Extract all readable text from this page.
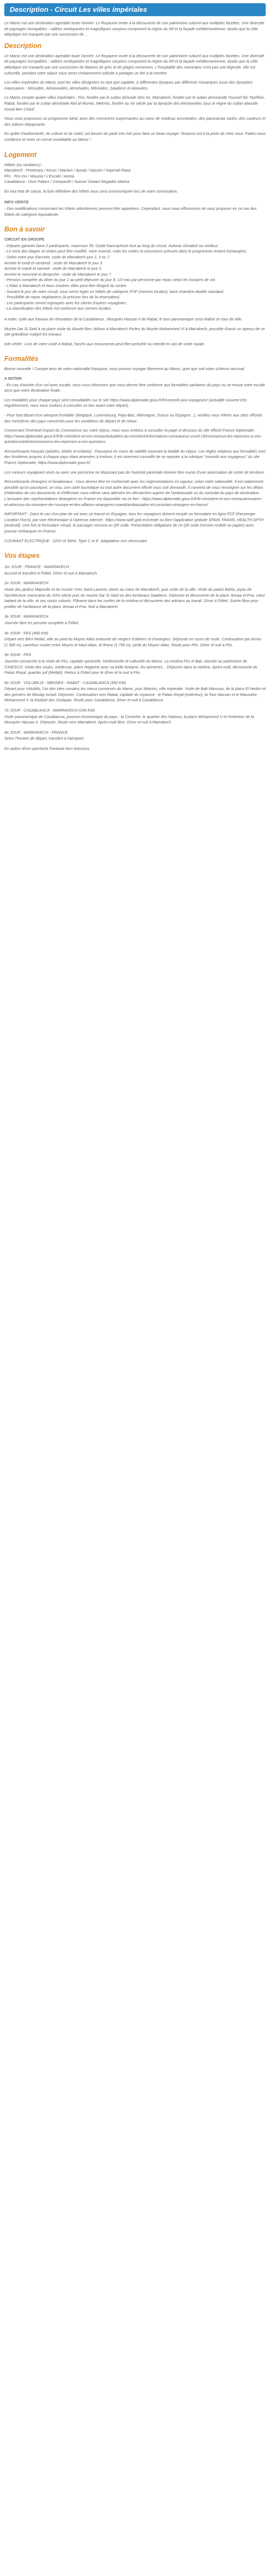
Description - Circuit Les villes impériales

Le Maroc est une destination agréable toute l'année. Le Royaume invite à la découverte de son patrimoine culturel aux multiples facettes. Une diversité de paysages incroyables : vallées verdoyantes et magnifiques canyons composent la région du Rif et la façade méditerranéenne, tandis que la côte atlantique est marquée par une succession de ...

Description

Le Maroc est une destination agréable toute l'année. Le Royaume invite à la découverte de son patrimoine culturel aux multiples facettes. Une diversité de paysages incroyables : vallées verdoyantes et magnifiques canyons composent la région du Rif et la façade méditerranéenne, tandis que la côte atlantique est marquée par une succession de falaises de grès et de plages immenses. L'hospitalité des marocains n'est pas une légende, elle est culturelle, pendant votre séjour vous serez certainement sollicité à partager un thé à la menthe.

Les villes impériales du Maroc sont les villes désignées en tant que capitale, à différentes époques par différents monarques issus des dynasties marocaines : Idrissides, Almoravides, Almohades, Mérinides, Saadiens et Alaouites.

Le Maroc compte quatre villes impériales : Fès, fondée par le sultan Idrisside Idris Ier, Marrakech, fondée par le sultan almoravide Youssef Ibn Tachfine, Rabat, fondée par le sultan almohade Abd al-Mumin, Meknès, fondée au Xe siècle par la dynastie des Almoravides sous le règne du sultan alaouite Ismaïl Ben Chérif.

Nous vous proposons un programme idéal, avec des rencontres surprenantes au coeur de médinas ancestrales, des panoramas variés, des couleurs et des odeurs dépaysante.

En quête d'authenticité, de culture et de soleil, nul besoin de partir très loin pour faire un beau voyage, l'évasion est à la porte de chez vous. Faites-nous confiance et vivez un circuit inoubliable au Maroc !

Logement
Hôtels (ou similaires) :
Marrakech : Printemps / Kenzi / Mariam / Ayoub / Nassim / Imperial Plaza
Fès : Fes Inn / Mounia / L'Escale / Arena
Casablanca : Oum Palace / Companile / Suisse/ Diwan/ Mogador Marina

En tout état de cause, la liste définitive des hôtels vous sera communiquée lors de votre convocation.

INFO VERITE

- Des modifications concernant les hôtels sélectionnés peuvent être apportées. Cependant, nous nous efforcerons de vous proposer en ce cas des hôtels de catégorie équivalente.

Bon à savoir
CIRCUIT EN GROUPE
- Départs garantis base 2 participants, maximum 35. Guide francophone tout au long du circuit. Autocar climatisé ou minibus.
- Le sens des étapes et visites peut être modifié, voire inversé, mais les visites et excursions prévues dans le programme restent inchangées.
- Selon votre jour d'arrivée, visite de Marrakech jour 2, 3 ou 7.
Arrivée le lundi et vendredi : visite de Marrakech le jour 3.
Arrivée le mardi et samedi : visite de Marrakech le jour 2.
Arrivée le mercredi et dimanche : visite de Marrakech le jour 7.
- Pension complète du dîner du jour 1 au petit déjeuner du jour 8, 1/2 eau par personne par repas selon les horaires de vol.
- L'hôtel à Marrakech et dans d'autres villes peut être éloigné du centre.
- Suivant le jour de votre circuit, vous serez logés en hôtels de catégorie 3*/4* (normes locales), base chambre double standard.
- Possibilité de repas végétariens (à préciser lors de la réservation).
- Les participants seront regroupés avec les clients d'autres voyagistes.
- La classification des hôtels est conforme aux normes locales.

A noter, suite aux travaux de rénovation de la Casablanca : Mosquée Hassan II de Rabat, le tour panoramique sera réalisé en tour de ville.

Musée Dar Si Saïd à sa place visite du Musée Ben Jelloun à Marrakech Portes du Musée Mohammed VI à Marrakech, possible d'avoir un aperçu de ce site grandiose malgré les travaux.

Info vérité : Lors de votre visite à Rabat, l'accès aux monuments peut être perturbé ou interdit en cas de visite royale.

Formalités

Bonne nouvelle ! Compte tenu de votre nationalité française, vous pouvez voyager librement au Maroc, quel que soit votre schéma vaccinal.

A NOTER

- En cas d'arrivée d'un vol avec escale, nous vous informons que vous devrez être conforme aux formalités sanitaires du pays ou se trouve votre escale ainsi que votre destination finale.

Les modalités pour chaque pays sont consultables sur le site https://www.diplomatie.gouv.fr/fr/conseils-aux-voyageurs/ (actualité souvent très régulièrement, nous vous invitons à consulter ce lien avant votre départ).

- Pour tout départ d'un aéroport frontalier (Belgique, Luxembourg, Pays-Bas, Allemagne, Suisse ou Espagne...), veuillez vous référer aux sites officiels des ministères des pays concernés pour les conditions de départ et de retour.

Concernant l'éventuel impact du Coronavirus sur votre séjour, nous vous invitons à consulter la page ci-dessous du site officiel France Diplomatie : https://www.diplomatie.gouv.fr/fr/le-ministere-et-son-reseau/actualites-du-ministere/informations-coronavirus-covid-19/coronavirus-les-reponses-a-vos-questions/article/coronavirus-les-reponses-a-vos-questions

Ressortissants français (adultes, bébés et enfants) : Passeport en cours de validité couvrant la totalité du séjour. Les règles relatives aux formalités sont des frontières propres à chaque pays étant amenées à évoluer, il est vivement conseillé de se reporter à la rubrique "conseils aux voyageurs" du site France Diplomatie, https://www.diplomatie.gouv.fr/.

Les mineurs voyageant seuls ou avec une personne ne disposant pas de l'autorité parentale doivent être munis d'une autorisation de sortie de territoire.

Ressortissants étrangers et binationaux : Vous devrez être en conformité avec les réglementations en vigueur, selon votre nationalité. Il est notamment possible qu'un passeport, un visa, une carte touristique ou tout autre document officiel vous soit demandé. Il convient de vous renseigner sur les délais d'obtention de ces documents et d'effectuer vous-même sans attendre les démarches auprès de l'ambassade ou du consulat du pays de destination. L'annuaire des représentations étrangères en France est disponible via ce lien : https://www.diplomatie.gouv.fr/fr/le-ministere-et-son-reseau/annuaires-et-adresses-du-ministere-de-l-europe-et-des-affaires-etrangeres-maedi/ambassades-et-consulats-etrangers-en-france/

IMPORTANT : Dans le cas d'un plan de vol avec un transit en Espagne, tous les voyageurs doivent remplir un formulaire en ligne FCF (Passenger Location Form), par voie électronique à l'adresse internet : https://www.spth.gob.es/create ou bien l'application gratuite SPAIN TRAVEL HEALTH-SPTH (Android). Une fois le formulaire rempli, le passager recevra un QR code. Présentation obligatoire de ce QR code (version mobile ou papier) avec pouvoir embarquer en France.

COURANT ELECTRIQUE : 220V et 50Hz. Type C et E. Adaptateur non nécessaire.

Vos étapes
1er JOUR : FRANCE - MARRAKECH

Accueil et transfert à l'hôtel. Dîner et nuit à Marrakech.

2e JOUR : MARRAKECH

Visite des jardins Majorelle et du musée Yves Saint Laurent, situés au cœur de Marrakech, puis visite de la ville. Visite du palais Bahia, joyau de l'architecture marocaine du XIXe siècle puis du musée Dar Si Saïd ou des tombeaux Saadiens. Déjeuner et découverte de la place Jemaa el-Fna, cœur battant de la ville, et ses souks colorés. Flânerie dans les ruelles de la médina et découverte des artisans au travail. Dîner à l'hôtel. Soirée libre pour profiter de l'ambiance de la place Jemaa el-Fna. Nuit à Marrakech.

3e JOUR : MARRAKECH

Journée libre en pension complète à l'hôtel.

4e JOUR : FES (490 KM)

Départ vers Béni Mellal, ville au pied du Moyen Atlas entourée de vergers d'oliviers et d'orangers. Déjeuner en cours de route. Continuation par Azrou (1 300 m), carrefour routier entre Moyen et Haut Atlas, et Ifrane (1 700 m), perle du Moyen Atlas. Route pour Fès. Dîner et nuit à Fès.

5e JOUR : FES

Journée consacrée à la visite de Fès, capitale spirituelle, intellectuelle et culturelle du Maroc. La medina Fès el Bali, classée au patrimoine de l'UNESCO. Visite des souks, médersas, place Nejjarine avec sa belle fontaine, les tanneries... Déjeuner dans la médina. Après-midi, découverte du Palais Royal, quartier juif (Mellah). Retour à l'hôtel pour le dîner et la nuit à Fès.

6e JOUR : VOLUBILIS - MEKNES - RABAT - CASABLANCA (350 KM)

Départ pour Volubilis, l'un des sites romains les mieux conservés du Maroc, puis Meknès, ville impériale. Visite de Bab Mansour, de la place El Hedim et des greniers de Moulay Ismaïl. Déjeuner. Continuation vers Rabat, capitale du royaume : le Palais Royal (extérieur), la Tour Hassan et le Mausolée Mohammed V, la Kasbah des Oudayas. Route pour Casablanca. Dîner et nuit à Casablanca.

7e JOUR : CASABLANCA - MARRAKECH (240 KM)

Visite panoramique de Casablanca, poumon économique du pays : la Corniche, le quartier des Habous, la place Mohammed V et l'extérieur de la Mosquée Hassan II. Déjeuner. Route vers Marrakech. Après-midi libre. Dîner et nuit à Marrakech.

8e JOUR : MARRAKECH - FRANCE

Selon l'horaire de départ, transfert à l'aéroport.

En option dîner-spectacle Fantasia hors boissons.
